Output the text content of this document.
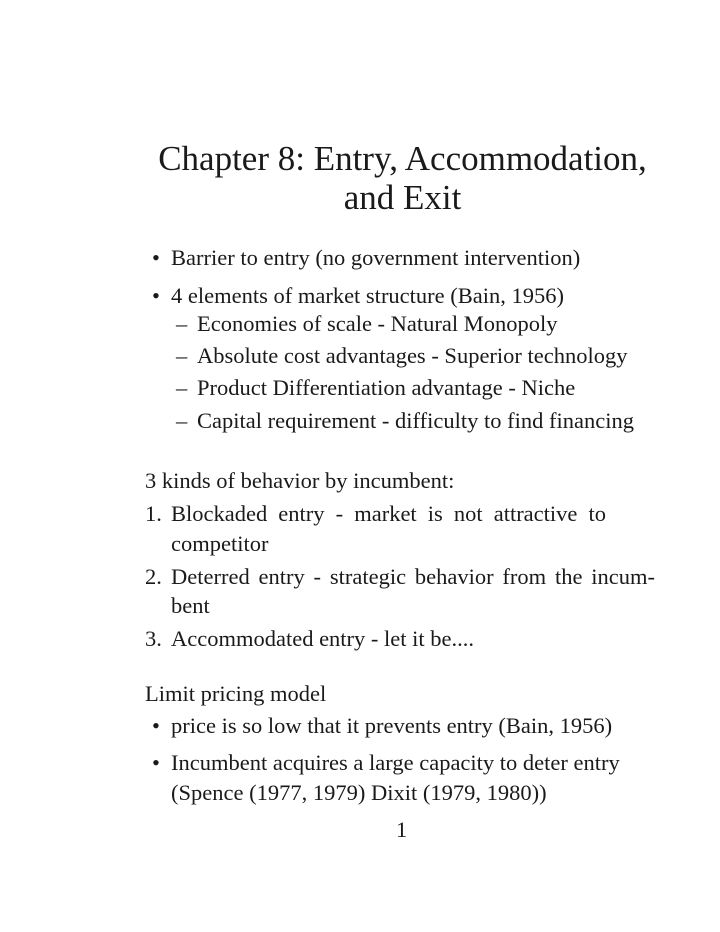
Chapter 8: Entry, Accommodation,
and Exit
• Barrier to entry (no government intervention)

• 4 elements of market structure (Bain, 1956)

– Economies of scale - Natural Monopoly

– Absolute cost advantages - Superior technology

– Product Differentiation advantage - Niche

– Capital requirement - difficulty to find financing

3 kinds of behavior by incumbent:

1. Blockaded entry - market is not attractive to

competitor

2. Deterred entry - strategic behavior from the incum-

bent

3. Accommodated entry - let it be....

Limit pricing model

• price is so low that it prevents entry (Bain, 1956)

• Incumbent acquires a large capacity to deter entry

(Spence (1977, 1979) Dixit (1979, 1980))

1
